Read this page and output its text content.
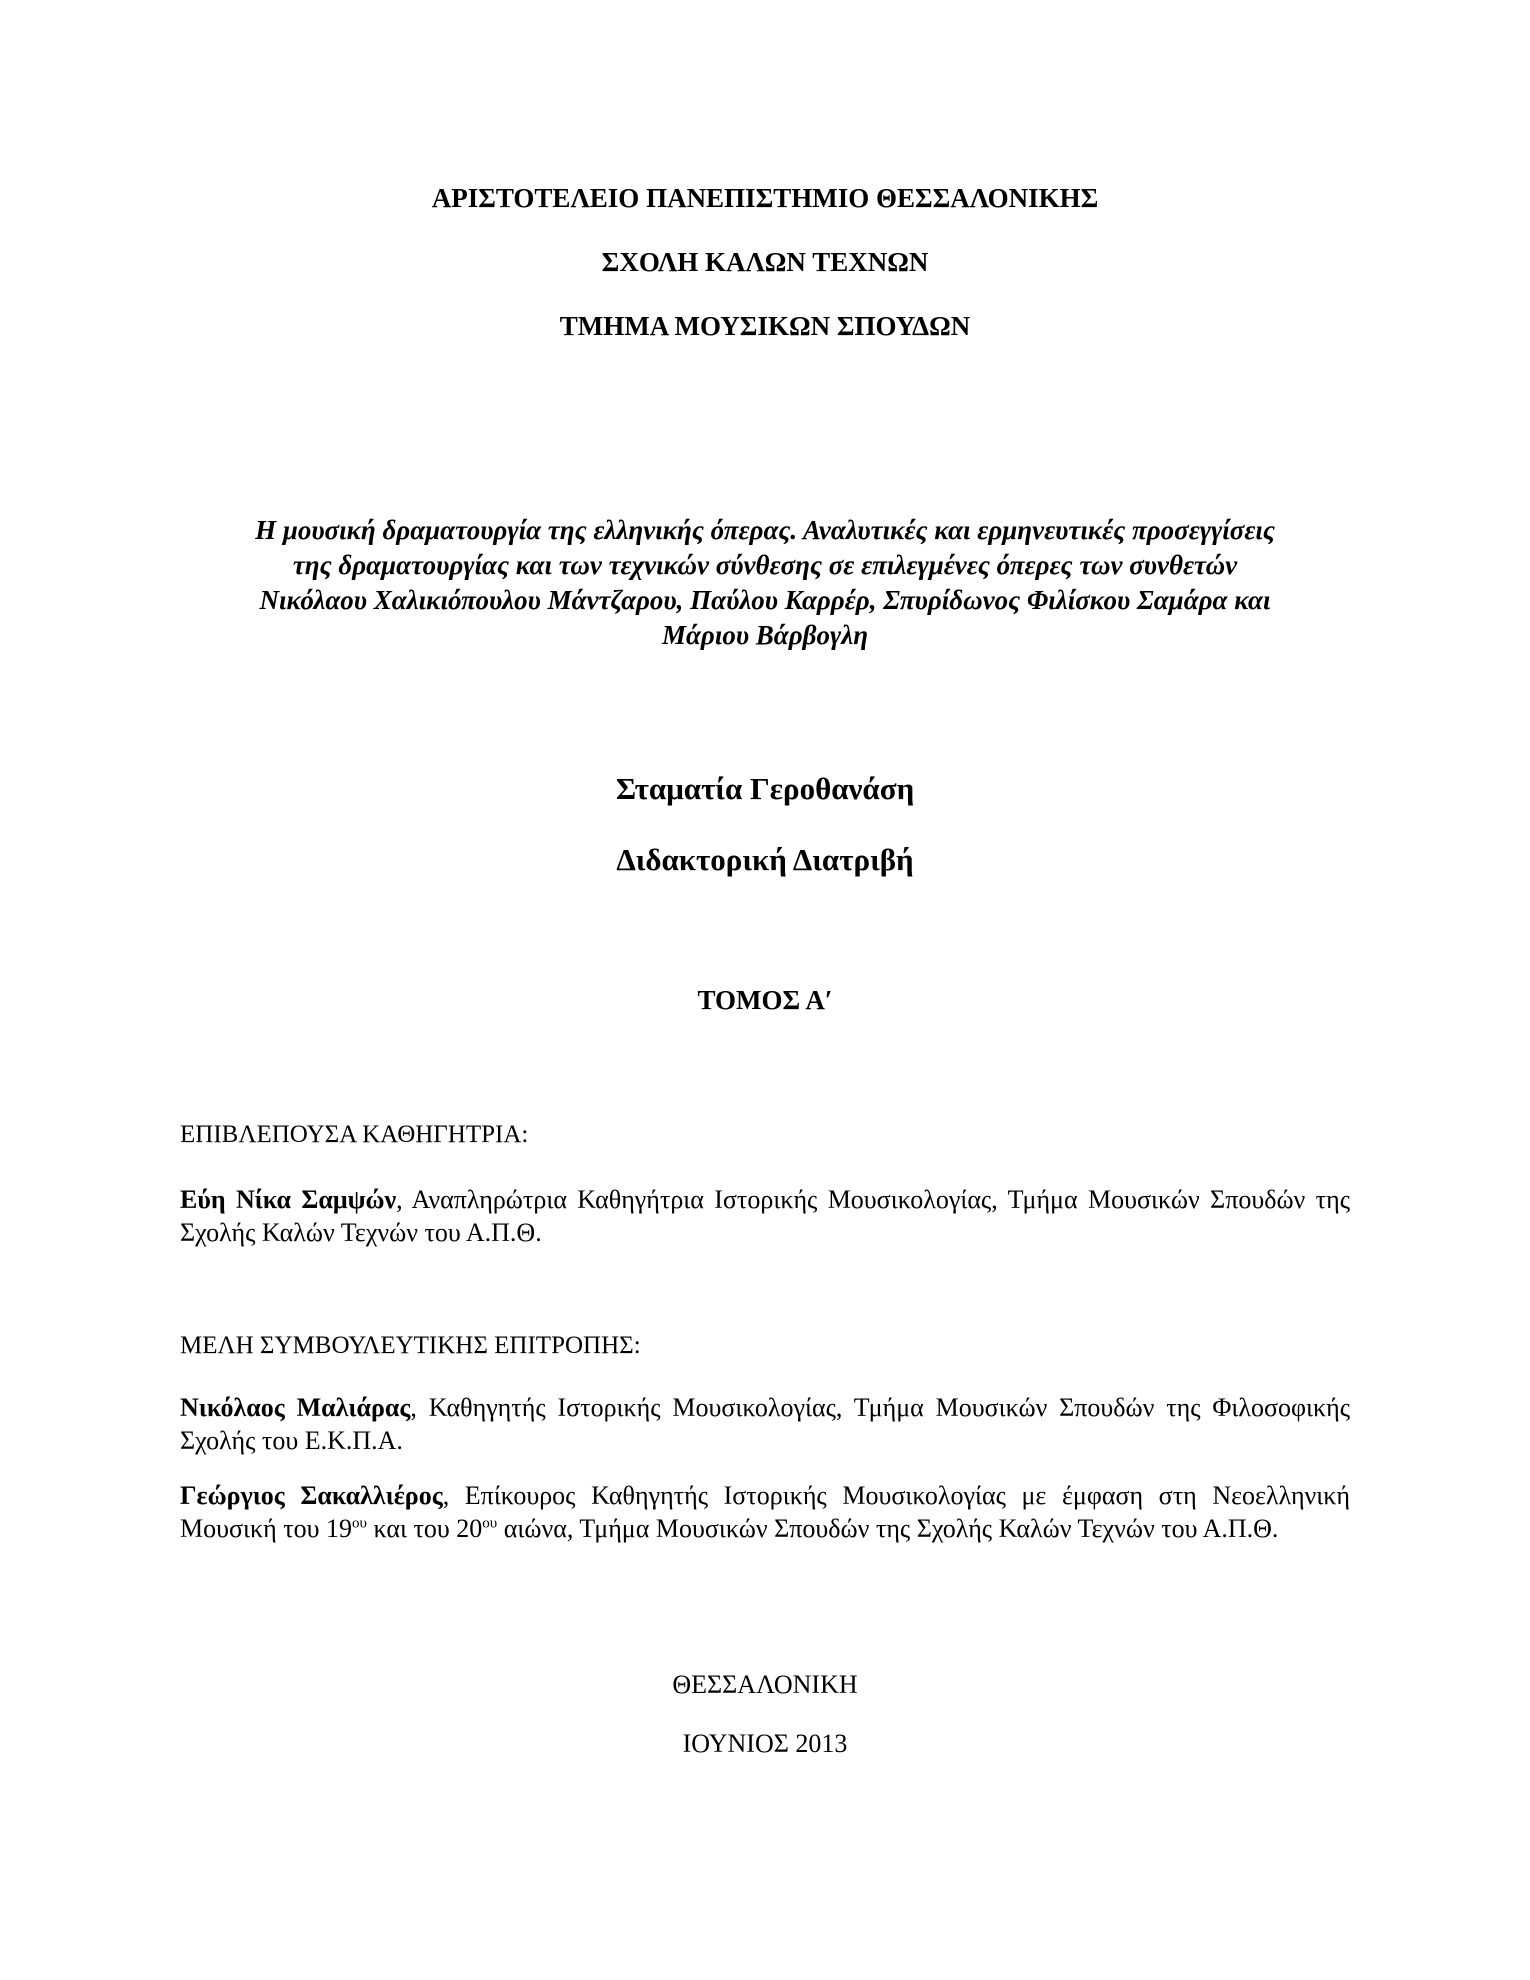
ΑΡΙΣΤΟΤΕΛΕΙΟ ΠΑΝΕΠΙΣΤΗΜΙΟ ΘΕΣΣΑΛΟΝΙΚΗΣ
ΣΧΟΛΗ ΚΑΛΩΝ ΤΕΧΝΩΝ
ΤΜΗΜΑ ΜΟΥΣΙΚΩΝ ΣΠΟΥΔΩΝ
Η μουσική δραματουργία της ελληνικής όπερας. Αναλυτικές και ερμηνευτικές προσεγγίσεις
της δραματουργίας και των τεχνικών σύνθεσης σε επιλεγμένες όπερες των συνθετών
Νικόλαου Χαλικιόπουλου Μάντζαρου, Παύλου Καρρέρ, Σπυρίδωνος Φιλίσκου Σαμάρα και
Μάριου Βάρβογλη
Σταματία Γεροθανάση
Διδακτορική Διατριβή
ΤΟΜΟΣ Α′
ΕΠΙΒΛΕΠΟΥΣΑ ΚΑΘΗΓΗΤΡΙΑ:
Εύη Νίκα Σαμψών, Αναπληρώτρια Καθηγήτρια Ιστορικής Μουσικολογίας, Τμήμα Μουσικών Σπουδών της Σχολής Καλών Τεχνών του Α.Π.Θ.
ΜΕΛΗ ΣΥΜΒΟΥΛΕΥΤΙΚΗΣ ΕΠΙΤΡΟΠΗΣ:
Νικόλαος Μαλιάρας, Καθηγητής Ιστορικής Μουσικολογίας, Τμήμα Μουσικών Σπουδών της Φιλοσοφικής Σχολής του Ε.Κ.Π.Α.
Γεώργιος Σακαλλιέρος, Επίκουρος Καθηγητής Ιστορικής Μουσικολογίας με έμφαση στη Νεοελληνική Μουσική του $19^{o\upsilon}$ και του $20^{o\upsilon}$ αιώνα, Τμήμα Μουσικών Σπουδών της Σχολής Καλών Τεχνών του Α.Π.Θ.
ΘΕΣΣΑΛΟΝΙΚΗ
ΙΟΥΝΙΟΣ 2013
